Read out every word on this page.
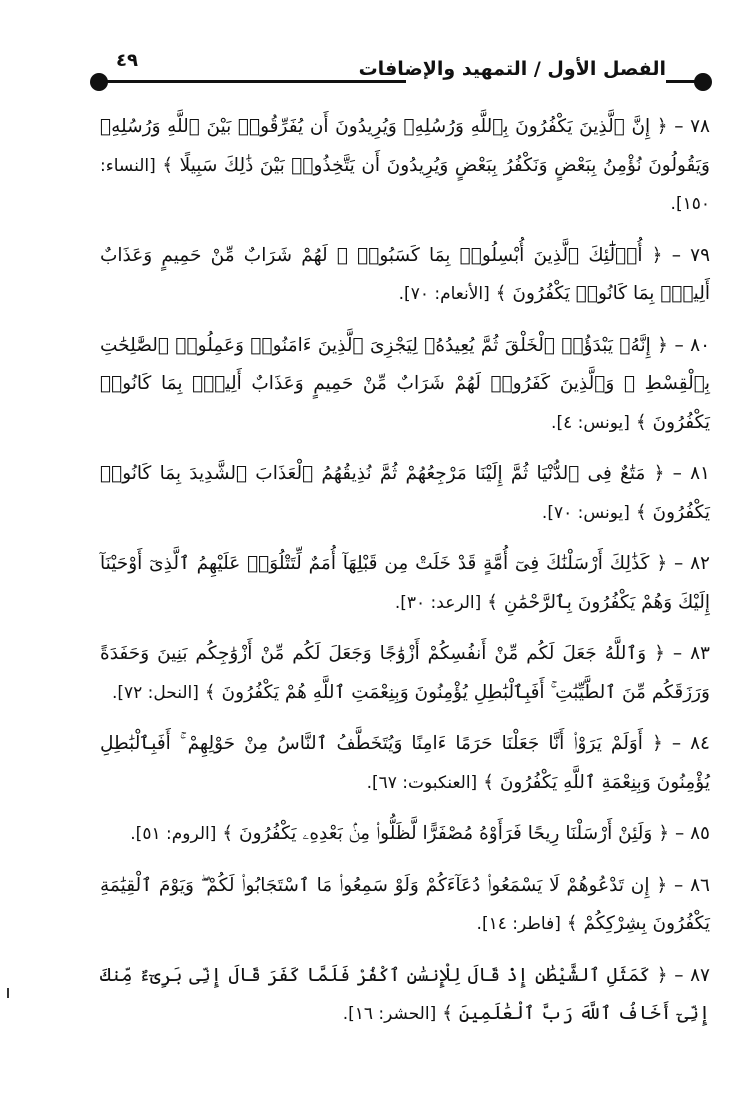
٤٩	الفصل الأول / التمهيد والإضافات

٧٨ – ﴿ إِنَّ ٱلَّذِينَ يَكْفُرُونَ بِٱللَّهِ وَرُسُلِهِۦ وَيُرِيدُونَ أَن يُفَرِّقُوا۟ بَيْنَ ٱللَّهِ وَرُسُلِهِۦ وَيَقُولُونَ نُؤْمِنُ بِبَعْضٍ وَنَكْفُرُ بِبَعْضٍ وَيُرِيدُونَ أَن يَتَّخِذُوا۟ بَيْنَ ذَٰلِكَ سَبِيلًا ﴾ [النساء: ١٥٠].

٧٩ – ﴿ أُو۟لَٰٓئِكَ ٱلَّذِينَ أُبْسِلُوا۟ بِمَا كَسَبُوا۟ ۖ لَهُمْ شَرَابٌ مِّنْ حَمِيمٍ وَعَذَابٌ أَلِيمٌۢ بِمَا كَانُوا۟ يَكْفُرُونَ ﴾ [الأنعام: ٧٠].

٨٠ – ﴿ إِنَّهُۥ يَبْدَؤُا۟ ٱلْخَلْقَ ثُمَّ يُعِيدُهُۥ لِيَجْزِىَ ٱلَّذِينَ ءَامَنُوا۟ وَعَمِلُوا۟ ٱلصَّٰلِحَٰتِ بِٱلْقِسْطِ ۚ وَٱلَّذِينَ كَفَرُوا۟ لَهُمْ شَرَابٌ مِّنْ حَمِيمٍ وَعَذَابٌ أَلِيمٌۢ بِمَا كَانُوا۟ يَكْفُرُونَ ﴾ [يونس: ٤].

٨١ – ﴿ مَتَٰعٌ فِى ٱلدُّنْيَا ثُمَّ إِلَيْنَا مَرْجِعُهُمْ ثُمَّ نُذِيقُهُمُ ٱلْعَذَابَ ٱلشَّدِيدَ بِمَا كَانُوا۟ يَكْفُرُونَ ﴾ [يونس: ٧٠].

٨٢ – ﴿ كَذَٰلِكَ أَرْسَلْنَٰكَ فِىٓ أُمَّةٍ قَدْ خَلَتْ مِن قَبْلِهَآ أُمَمٌ لِّتَتْلُوَا۟ عَلَيْهِمُ ٱلَّذِىٓ أَوْحَيْنَآ إِلَيْكَ وَهُمْ يَكْفُرُونَ بِٱلرَّحْمَٰنِ ﴾ [الرعد: ٣٠].

٨٣ – ﴿ وَٱللَّهُ جَعَلَ لَكُم مِّنْ أَنفُسِكُمْ أَزْوَٰجًا وَجَعَلَ لَكُم مِّنْ أَزْوَٰجِكُم بَنِينَ وَحَفَدَةً وَرَزَقَكُم مِّنَ ٱلطَّيِّبَٰتِ ۚ أَفَبِٱلْبَٰطِلِ يُؤْمِنُونَ وَبِنِعْمَتِ ٱللَّهِ هُمْ يَكْفُرُونَ ﴾ [النحل: ٧٢].

٨٤ – ﴿ أَوَلَمْ يَرَوْا۟ أَنَّا جَعَلْنَا حَرَمًا ءَامِنًا وَيُتَخَطَّفُ ٱلنَّاسُ مِنْ حَوْلِهِمْ ۚ أَفَبِٱلْبَٰطِلِ يُؤْمِنُونَ وَبِنِعْمَةِ ٱللَّهِ يَكْفُرُونَ ﴾ [العنكبوت: ٦٧].

٨٥ – ﴿ وَلَئِنْ أَرْسَلْنَا رِيحًا فَرَأَوْهُ مُصْفَرًّا لَّظَلُّوا۟ مِنۢ بَعْدِهِۦ يَكْفُرُونَ ﴾ [الروم: ٥١].

٨٦ – ﴿ إِن تَدْعُوهُمْ لَا يَسْمَعُوا۟ دُعَآءَكُمْ وَلَوْ سَمِعُوا۟ مَا ٱسْتَجَابُوا۟ لَكُمْ ۖ وَيَوْمَ ٱلْقِيَٰمَةِ يَكْفُرُونَ بِشِرْكِكُمْ ﴾ [فاطر: ١٤].

٨٧ – ﴿ كَمَثَلِ ٱلشَّيْطَٰنِ إِذْ قَالَ لِلْإِنسَٰنِ ٱكْفُرْ فَلَمَّا كَفَرَ قَالَ إِنِّى بَرِىٓءٌ مِّنكَ إِنِّىٓ أَخَافُ ٱللَّهَ رَبَّ ٱلْعَٰلَمِينَ ﴾ [الحشر: ١٦].
